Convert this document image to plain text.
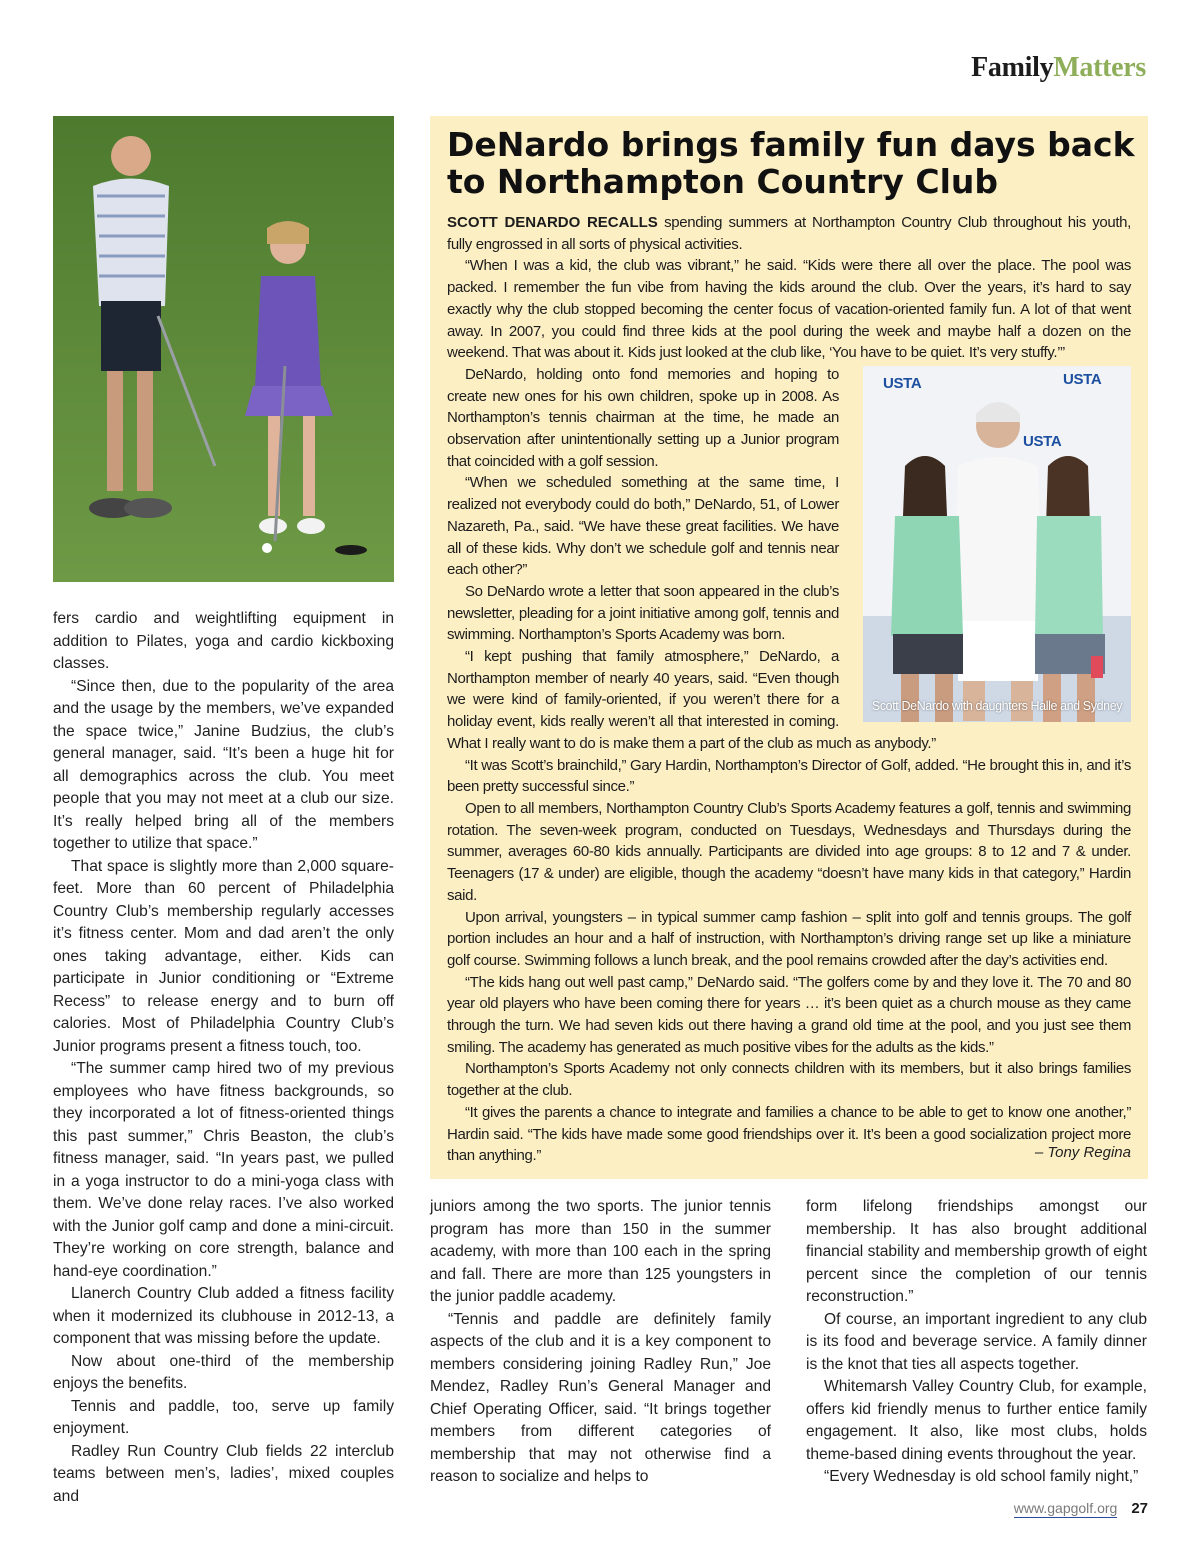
FamilyMatters

fers cardio and weightlifting equipment in addition to Pilates, yoga and cardio kickboxing classes.

“Since then, due to the popularity of the area and the usage by the members, we’ve expanded the space twice,” Janine Budzius, the club’s general manager, said. “It’s been a huge hit for all demographics across the club. You meet people that you may not meet at a club our size. It’s really helped bring all of the members together to utilize that space.”

That space is slightly more than 2,000 square-feet. More than 60 percent of Philadelphia Country Club’s membership regularly accesses it’s fitness center. Mom and dad aren’t the only ones taking advantage, either. Kids can participate in Junior conditioning or “Extreme Recess” to release energy and to burn off calories. Most of Philadelphia Country Club’s Junior programs present a fitness touch, too.

“The summer camp hired two of my previous employees who have fitness backgrounds, so they incorporated a lot of fitness-oriented things this past summer,” Chris Beaston, the club’s fitness manager, said. “In years past, we pulled in a yoga instructor to do a mini-yoga class with them. We’ve done relay races. I’ve also worked with the Junior golf camp and done a mini-circuit. They’re working on core strength, balance and hand-eye coordination.”

Llanerch Country Club added a fitness facility when it modernized its clubhouse in 2012-13, a component that was missing before the update.

Now about one-third of the membership enjoys the benefits.

Tennis and paddle, too, serve up family enjoyment.

Radley Run Country Club fields 22 interclub teams between men’s, ladies’, mixed couples and

DeNardo brings family fun days back to Northampton Country Club

SCOTT DENARDO RECALLS spending summers at Northampton Country Club throughout his youth, fully engrossed in all sorts of physical activities.

“When I was a kid, the club was vibrant,” he said. “Kids were there all over the place. The pool was packed. I remember the fun vibe from having the kids around the club. Over the years, it’s hard to say exactly why the club stopped becoming the center focus of vacation-oriented family fun. A lot of that went away. In 2007, you could find three kids at the pool during the week and maybe half a dozen on the weekend. That was about it. Kids just looked at the club like, ‘You have to be quiet. It’s very stuffy.’”

USTA	USTA
USTA
Scott DeNardo with daughters Halle and Sydney

DeNardo, holding onto fond memories and hoping to create new ones for his own children, spoke up in 2008. As Northampton’s tennis chairman at the time, he made an observation after unintentionally setting up a Junior program that coincided with a golf session.

“When we scheduled something at the same time, I realized not everybody could do both,” DeNardo, 51, of Lower Nazareth, Pa., said. “We have these great facilities. We have all of these kids. Why don’t we schedule golf and tennis near each other?”

So DeNardo wrote a letter that soon appeared in the club’s newsletter, pleading for a joint initiative among golf, tennis and swimming. Northampton’s Sports Academy was born.

“I kept pushing that family atmosphere,” DeNardo, a Northampton member of nearly 40 years, said. “Even though we were kind of family-oriented, if you weren’t there for a holiday event, kids really weren’t all that interested in coming. What I really want to do is make them a part of the club as much as anybody.”

“It was Scott’s brainchild,” Gary Hardin, Northampton’s Director of Golf, added. “He brought this in, and it’s been pretty successful since.”

Open to all members, Northampton Country Club’s Sports Academy features a golf, tennis and swimming rotation. The seven-week program, conducted on Tuesdays, Wednesdays and Thursdays during the summer, averages 60-80 kids annually. Participants are divided into age groups: 8 to 12 and 7 & under. Teenagers (17 & under) are eligible, though the academy “doesn’t have many kids in that category,” Hardin said.

Upon arrival, youngsters – in typical summer camp fashion – split into golf and tennis groups. The golf portion includes an hour and a half of instruction, with Northampton’s driving range set up like a miniature golf course. Swimming follows a lunch break, and the pool remains crowded after the day’s activities end.

“The kids hang out well past camp,” DeNardo said. “The golfers come by and they love it. The 70 and 80 year old players who have been coming there for years … it’s been quiet as a church mouse as they came through the turn. We had seven kids out there having a grand old time at the pool, and you just see them smiling. The academy has generated as much positive vibes for the adults as the kids.”

Northampton’s Sports Academy not only connects children with its members, but it also brings families together at the club.

“It gives the parents a chance to integrate and families a chance to be able to get to know one another,” Hardin said. “The kids have made some good friendships over it. It’s been a good socialization project more than anything.”	– Tony Regina

juniors among the two sports. The junior tennis program has more than 150 in the summer academy, with more than 100 each in the spring and fall. There are more than 125 youngsters in the junior paddle academy.

“Tennis and paddle are definitely family aspects of the club and it is a key component to members considering joining Radley Run,” Joe Mendez, Radley Run’s General Manager and Chief Operating Officer, said. “It brings together members from different categories of membership that may not otherwise find a reason to socialize and helps to

form lifelong friendships amongst our membership. It has also brought additional financial stability and membership growth of eight percent since the completion of our tennis reconstruction.”

Of course, an important ingredient to any club is its food and beverage service. A family dinner is the knot that ties all aspects together.

Whitemarsh Valley Country Club, for example, offers kid friendly menus to further entice family engagement. It also, like most clubs, holds theme-based dining events throughout the year.

“Every Wednesday is old school family night,”

www.gapgolf.org 27
